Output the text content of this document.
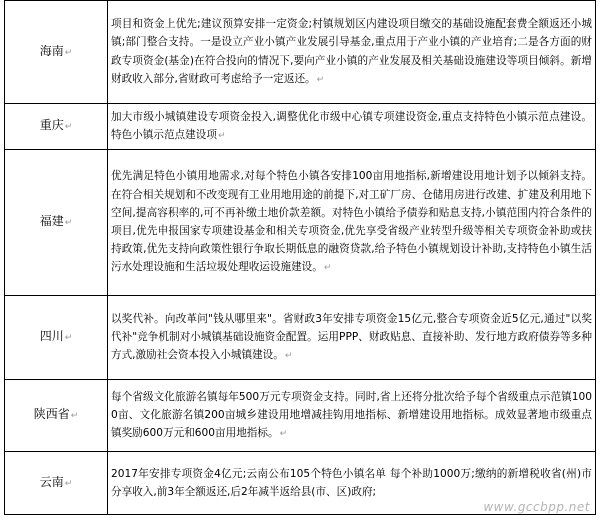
海南↵	项目和资金上优先;建议预算安排一定资金;村镇规划区内建设项目缴交的基础设施配套费全额返还小城镇;部门整合支持。一是设立产业小镇产业发展引导基金,重点用于产业小镇的产业培育;二是各方面的财政专项资金(基金)在符合投向的情况下,要向产业小镇的产业发展及相关基础设施建设等项目倾斜。新增财政收入部分,省财政可考虑给予一定返还。↵
重庆↵	加大市级小城镇建设专项资金投入,调整优化市级中心镇专项建设资金,重点支持特色小镇示范点建设。特色小镇示范点建设项↵
福建↵	优先满足特色小镇用地需求,对每个特色小镇各安排100亩用地指标,新增建设用地计划予以倾斜支持。在符合相关规划和不改变现有工业用地用途的前提下,对工矿厂房、仓储用房进行改建、扩建及利用地下空间,提高容积率的,可不再补缴土地价款差额。对特色小镇给予债券和贴息支持,小镇范围内符合条件的项目,优先申报国家专项建设基金和相关专项资金,优先享受省级产业转型升级等相关专项资金补助或扶持政策,优先支持向政策性银行争取长期低息的融资贷款,给予特色小镇规划设计补助,支持特色小镇生活污水处理设施和生活垃圾处理收运设施建设。↵
四川↵	以奖代补。向改革问"钱从哪里来"。省财政3年安排专项资金15亿元,整合专项资金近5亿元,通过"以奖代补"竞争机制对小城镇基础设施资金配置。运用PPP、财政贴息、直接补助、发行地方政府债券等多种方式,激励社会资本投入小城镇建设。↵
陕西省↵	每个省级文化旅游名镇每年500万元专项资金支持。同时,省上还将分批次给予每个省级重点示范镇1000亩、文化旅游名镇200亩城乡建设用地增减挂钩用地指标、新增建设用地指标。成效显著地市级重点镇奖励600万元和600亩用地指标。↵
云南↵	2017年安排专项资金4亿元;云南公布105个特色小镇名单 每个补助1000万;缴纳的新增税收省(州)市分享收入,前3年全额返还,后2年减半返给县(市、区)政府;
www.gccbpp.net
